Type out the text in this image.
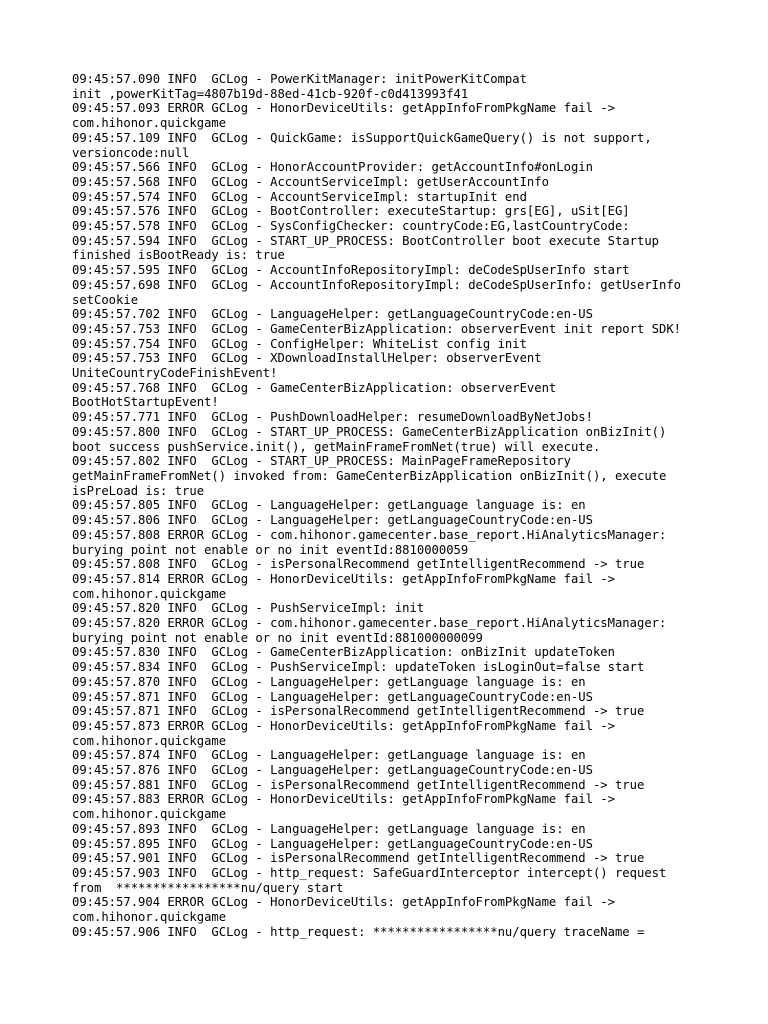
09:45:57.090 INFO  GCLog - PowerKitManager: initPowerKitCompat
init ,powerKitTag=4807b19d-88ed-41cb-920f-c0d413993f41
09:45:57.093 ERROR GCLog - HonorDeviceUtils: getAppInfoFromPkgName fail ->
com.hihonor.quickgame
09:45:57.109 INFO  GCLog - QuickGame: isSupportQuickGameQuery() is not support,
versioncode:null
09:45:57.566 INFO  GCLog - HonorAccountProvider: getAccountInfo#onLogin
09:45:57.568 INFO  GCLog - AccountServiceImpl: getUserAccountInfo
09:45:57.574 INFO  GCLog - AccountServiceImpl: startupInit end
09:45:57.576 INFO  GCLog - BootController: executeStartup: grs[EG], uSit[EG]
09:45:57.578 INFO  GCLog - SysConfigChecker: countryCode:EG,lastCountryCode:
09:45:57.594 INFO  GCLog - START_UP_PROCESS: BootController boot execute Startup
finished isBootReady is: true
09:45:57.595 INFO  GCLog - AccountInfoRepositoryImpl: deCodeSpUserInfo start
09:45:57.698 INFO  GCLog - AccountInfoRepositoryImpl: deCodeSpUserInfo: getUserInfo
setCookie
09:45:57.702 INFO  GCLog - LanguageHelper: getLanguageCountryCode:en-US
09:45:57.753 INFO  GCLog - GameCenterBizApplication: observerEvent init report SDK!
09:45:57.754 INFO  GCLog - ConfigHelper: WhiteList config init
09:45:57.753 INFO  GCLog - XDownloadInstallHelper: observerEvent
UniteCountryCodeFinishEvent!
09:45:57.768 INFO  GCLog - GameCenterBizApplication: observerEvent
BootHotStartupEvent!
09:45:57.771 INFO  GCLog - PushDownloadHelper: resumeDownloadByNetJobs!
09:45:57.800 INFO  GCLog - START_UP_PROCESS: GameCenterBizApplication onBizInit()
boot success pushService.init(), getMainFrameFromNet(true) will execute.
09:45:57.802 INFO  GCLog - START_UP_PROCESS: MainPageFrameRepository
getMainFrameFromNet() invoked from: GameCenterBizApplication onBizInit(), execute
isPreLoad is: true
09:45:57.805 INFO  GCLog - LanguageHelper: getLanguage language is: en
09:45:57.806 INFO  GCLog - LanguageHelper: getLanguageCountryCode:en-US
09:45:57.808 ERROR GCLog - com.hihonor.gamecenter.base_report.HiAnalyticsManager:
burying point not enable or no init eventId:8810000059
09:45:57.808 INFO  GCLog - isPersonalRecommend getIntelligentRecommend -> true
09:45:57.814 ERROR GCLog - HonorDeviceUtils: getAppInfoFromPkgName fail ->
com.hihonor.quickgame
09:45:57.820 INFO  GCLog - PushServiceImpl: init
09:45:57.820 ERROR GCLog - com.hihonor.gamecenter.base_report.HiAnalyticsManager:
burying point not enable or no init eventId:881000000099
09:45:57.830 INFO  GCLog - GameCenterBizApplication: onBizInit updateToken
09:45:57.834 INFO  GCLog - PushServiceImpl: updateToken isLoginOut=false start
09:45:57.870 INFO  GCLog - LanguageHelper: getLanguage language is: en
09:45:57.871 INFO  GCLog - LanguageHelper: getLanguageCountryCode:en-US
09:45:57.871 INFO  GCLog - isPersonalRecommend getIntelligentRecommend -> true
09:45:57.873 ERROR GCLog - HonorDeviceUtils: getAppInfoFromPkgName fail ->
com.hihonor.quickgame
09:45:57.874 INFO  GCLog - LanguageHelper: getLanguage language is: en
09:45:57.876 INFO  GCLog - LanguageHelper: getLanguageCountryCode:en-US
09:45:57.881 INFO  GCLog - isPersonalRecommend getIntelligentRecommend -> true
09:45:57.883 ERROR GCLog - HonorDeviceUtils: getAppInfoFromPkgName fail ->
com.hihonor.quickgame
09:45:57.893 INFO  GCLog - LanguageHelper: getLanguage language is: en
09:45:57.895 INFO  GCLog - LanguageHelper: getLanguageCountryCode:en-US
09:45:57.901 INFO  GCLog - isPersonalRecommend getIntelligentRecommend -> true
09:45:57.903 INFO  GCLog - http_request: SafeGuardInterceptor intercept() request
from  *****************nu/query start
09:45:57.904 ERROR GCLog - HonorDeviceUtils: getAppInfoFromPkgName fail ->
com.hihonor.quickgame
09:45:57.906 INFO  GCLog - http_request: *****************nu/query traceName =
